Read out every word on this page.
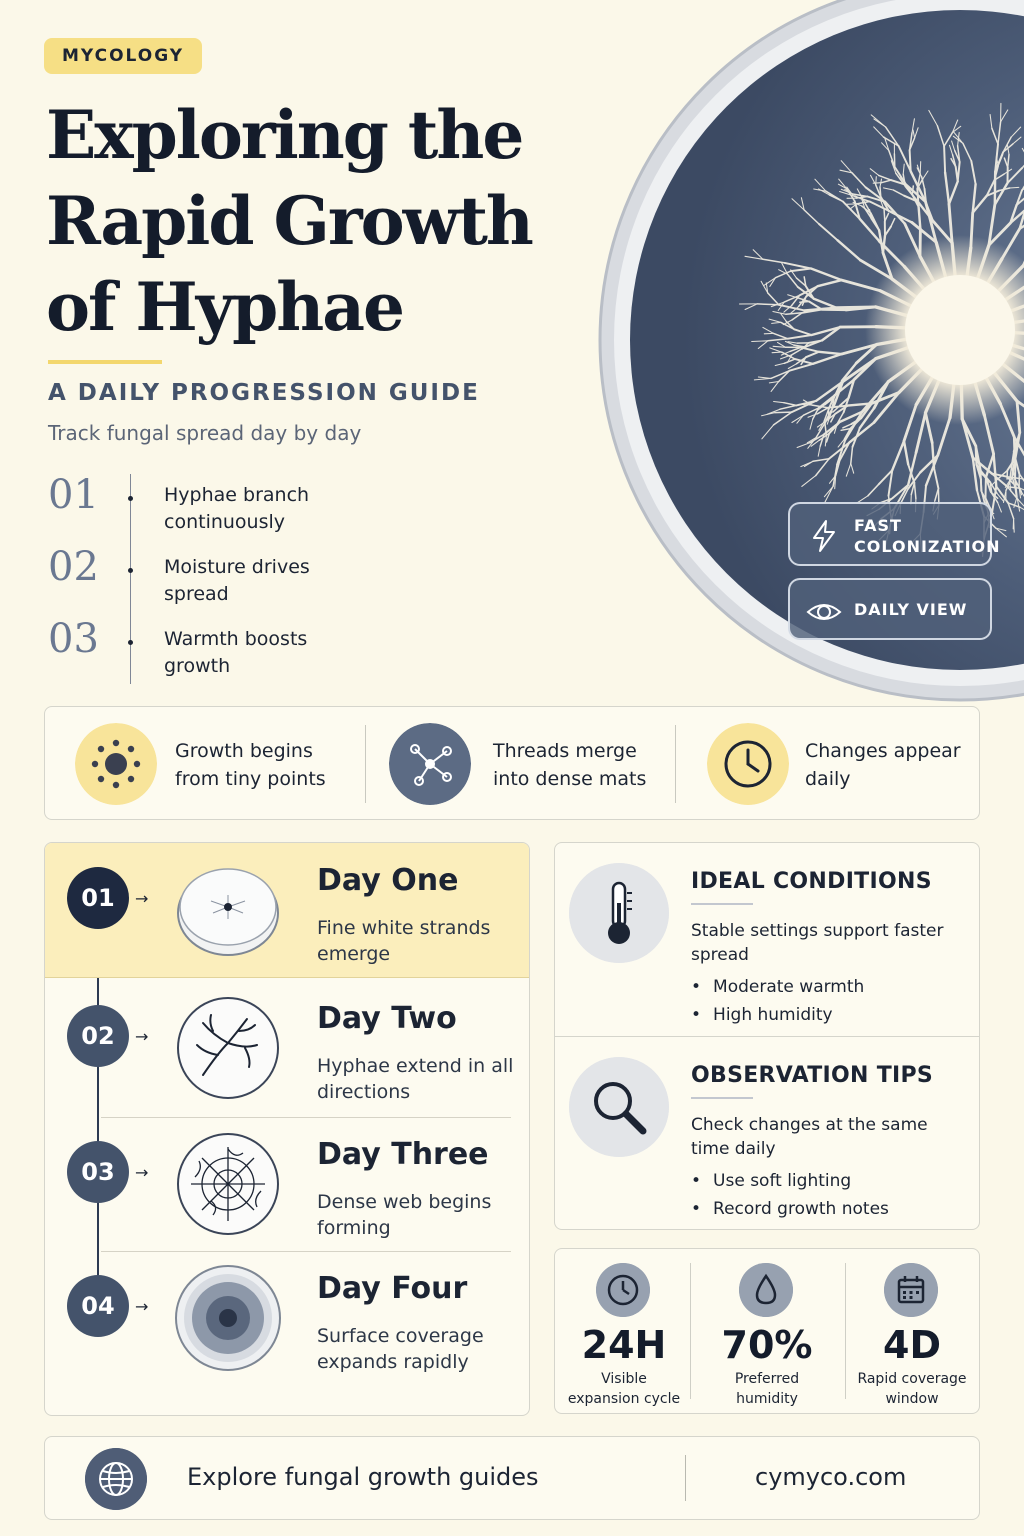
MYCOLOGY
Exploring the
Rapid Growth
of Hyphae
A DAILY PROGRESSION GUIDE
Track fungal spread day by day
01	Hyphae branch continuously
02	Moisture drives spread
03	Warmth boosts growth
FAST
COLONIZATION
DAILY VIEW
Growth begins
from tiny points
Threads merge
into dense mats
Changes appear
daily
01	→
Day One
Fine white strands emerge
02	→
Day Two
Hyphae extend in all directions
03	→
Day Three
Dense web begins forming
04	→
Day Four
Surface coverage expands rapidly
IDEAL CONDITIONS
Stable settings support faster spread
• Moderate warmth
• High humidity
OBSERVATION TIPS
Check changes at the same time daily
• Use soft lighting
• Record growth notes
24H
Visible
expansion cycle
70%
Preferred
humidity
4D
Rapid coverage
window
Explore fungal growth guides	cymyco.com
